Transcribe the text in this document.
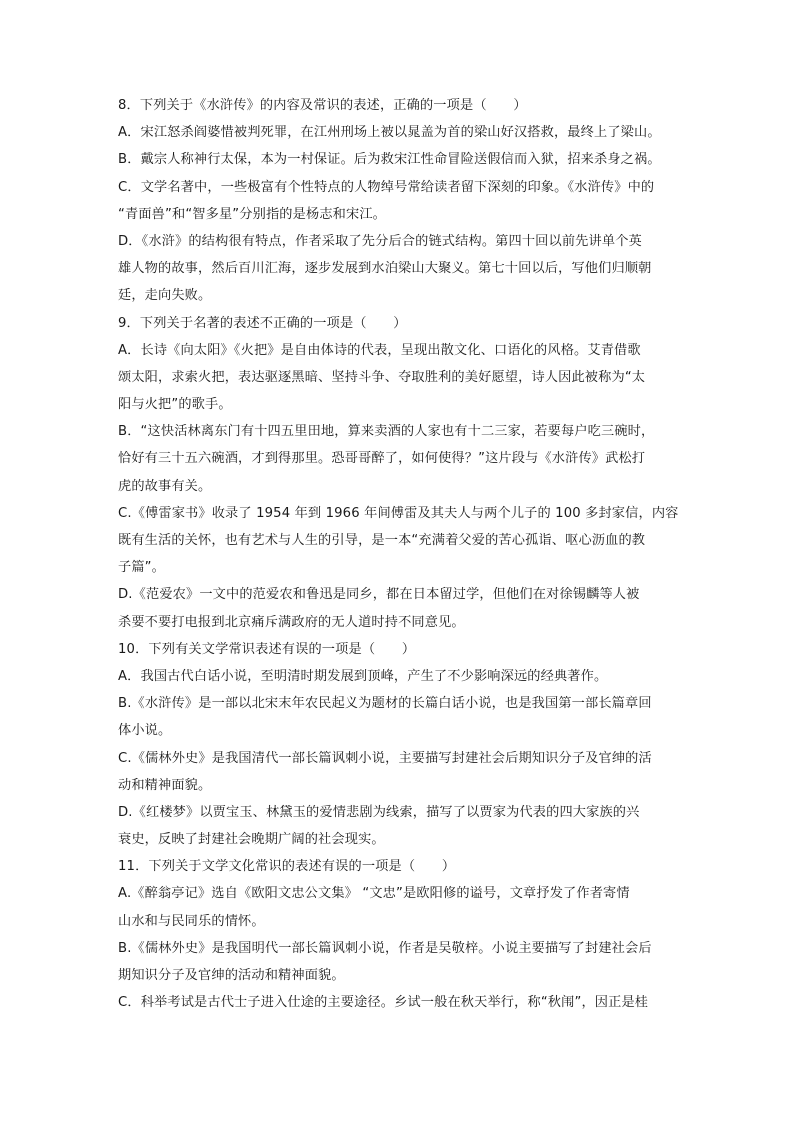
8．下列关于《水浒传》的内容及常识的表述，正确的一项是（　　）
A．宋江怒杀阎婆惜被判死罪，在江州刑场上被以晁盖为首的梁山好汉搭救，最终上了梁山。
B．戴宗人称神行太保，本为一村保证。后为救宋江性命冒险送假信而入狱，招来杀身之祸。
C．文学名著中，一些极富有个性特点的人物绰号常给读者留下深刻的印象。《水浒传》中的
“青面兽”和“智多星”分别指的是杨志和宋江。
D．《水浒》的结构很有特点，作者采取了先分后合的链式结构。第四十回以前先讲单个英
雄人物的故事，然后百川汇海，逐步发展到水泊梁山大聚义。第七十回以后，写他们归顺朝
廷，走向失败。
9．下列关于名著的表述不正确的一项是（　　）
A．长诗《向太阳》《火把》是自由体诗的代表，呈现出散文化、口语化的风格。艾青借歌
颂太阳，求索火把，表达驱逐黑暗、坚持斗争、夺取胜利的美好愿望，诗人因此被称为“太
阳与火把”的歌手。
B．“这快活林离东门有十四五里田地，算来卖酒的人家也有十二三家，若要每户吃三碗时，
恰好有三十五六碗酒，才到得那里。恐哥哥醉了，如何使得？”这片段与《水浒传》武松打
虎的故事有关。
C.《傅雷家书》收录了 1954 年到 1966 年间傅雷及其夫人与两个儿子的 100 多封家信，内容
既有生活的关怀，也有艺术与人生的引导，是一本“充满着父爱的苦心孤诣、呕心沥血的教
子篇”。
D.《范爱农》一文中的范爱农和鲁迅是同乡，都在日本留过学，但他们在对徐锡麟等人被
杀要不要打电报到北京痛斥满政府的无人道时持不同意见。
10．下列有关文学常识表述有误的一项是（　　）
A．我国古代白话小说，至明清时期发展到顶峰，产生了不少影响深远的经典著作。
B.《水浒传》是一部以北宋末年农民起义为题材的长篇白话小说，也是我国第一部长篇章回
体小说。
C.《儒林外史》是我国清代一部长篇讽刺小说，主要描写封建社会后期知识分子及官绅的活
动和精神面貌。
D.《红楼梦》以贾宝玉、林黛玉的爱情悲剧为线索，描写了以贾家为代表的四大家族的兴
衰史，反映了封建社会晚期广阔的社会现实。
11．下列关于文学文化常识的表述有误的一项是（　　）
A.《醉翁亭记》选自《欧阳文忠公文集》 “文忠”是欧阳修的谥号，文章抒发了作者寄情
山水和与民同乐的情怀。
B.《儒林外史》是我国明代一部长篇讽刺小说，作者是吴敬梓。小说主要描写了封建社会后
期知识分子及官绅的活动和精神面貌。
C．科举考试是古代士子进入仕途的主要途径。乡试一般在秋天举行，称“秋闱”，因正是桂
